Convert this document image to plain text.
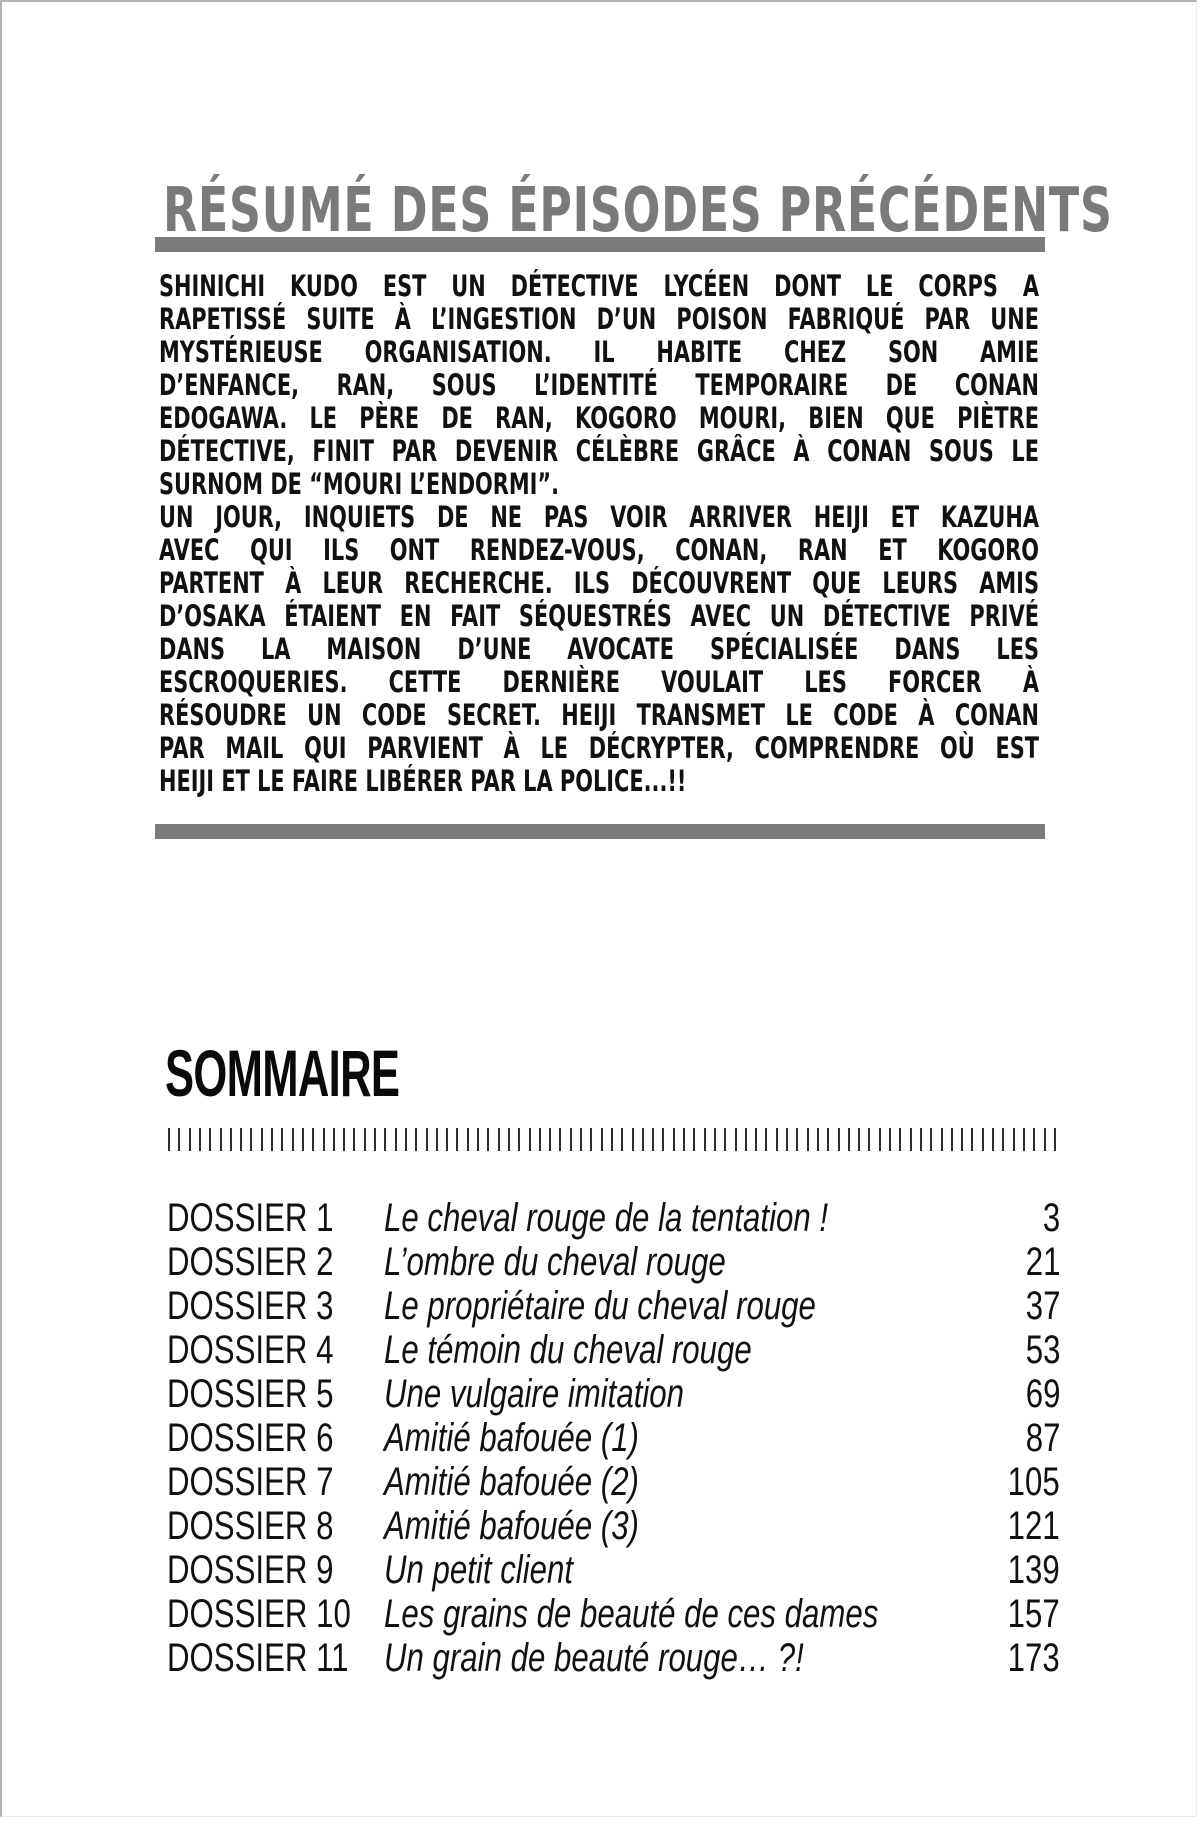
RÉSUMÉ DES ÉPISODES PRÉCÉDENTS
SHINICHI KUDO EST UN DÉTECTIVE LYCÉEN DONT LE CORPS A
RAPETISSÉ SUITE À L’INGESTION D’UN POISON FABRIQUÉ PAR UNE
MYSTÉRIEUSE ORGANISATION. IL HABITE CHEZ SON AMIE
D’ENFANCE, RAN, SOUS L’IDENTITÉ TEMPORAIRE DE CONAN
EDOGAWA. LE PÈRE DE RAN, KOGORO MOURI, BIEN QUE PIÈTRE
DÉTECTIVE, FINIT PAR DEVENIR CÉLÈBRE GRÂCE À CONAN SOUS LE
SURNOM DE “MOURI L’ENDORMI”.
UN JOUR, INQUIETS DE NE PAS VOIR ARRIVER HEIJI ET KAZUHA
AVEC QUI ILS ONT RENDEZ-VOUS, CONAN, RAN ET KOGORO
PARTENT À LEUR RECHERCHE. ILS DÉCOUVRENT QUE LEURS AMIS
D’OSAKA ÉTAIENT EN FAIT SÉQUESTRÉS AVEC UN DÉTECTIVE PRIVÉ
DANS LA MAISON D’UNE AVOCATE SPÉCIALISÉE DANS LES
ESCROQUERIES. CETTE DERNIÈRE VOULAIT LES FORCER À
RÉSOUDRE UN CODE SECRET. HEIJI TRANSMET LE CODE À CONAN
PAR MAIL QUI PARVIENT À LE DÉCRYPTER, COMPRENDRE OÙ EST
HEIJI ET LE FAIRE LIBÉRER PAR LA POLICE...!!
SOMMAIRE
DOSSIER 1 Le cheval rouge de la tentation !	3
DOSSIER 2 L’ombre du cheval rouge	21
DOSSIER 3 Le propriétaire du cheval rouge	37
DOSSIER 4 Le témoin du cheval rouge	53
DOSSIER 5 Une vulgaire imitation	69
DOSSIER 6 Amitié bafouée (1)	87
DOSSIER 7 Amitié bafouée (2)	105
DOSSIER 8 Amitié bafouée (3)	121
DOSSIER 9 Un petit client	139
DOSSIER 10 Les grains de beauté de ces dames	157
DOSSIER 11 Un grain de beauté rouge… ?!	173
